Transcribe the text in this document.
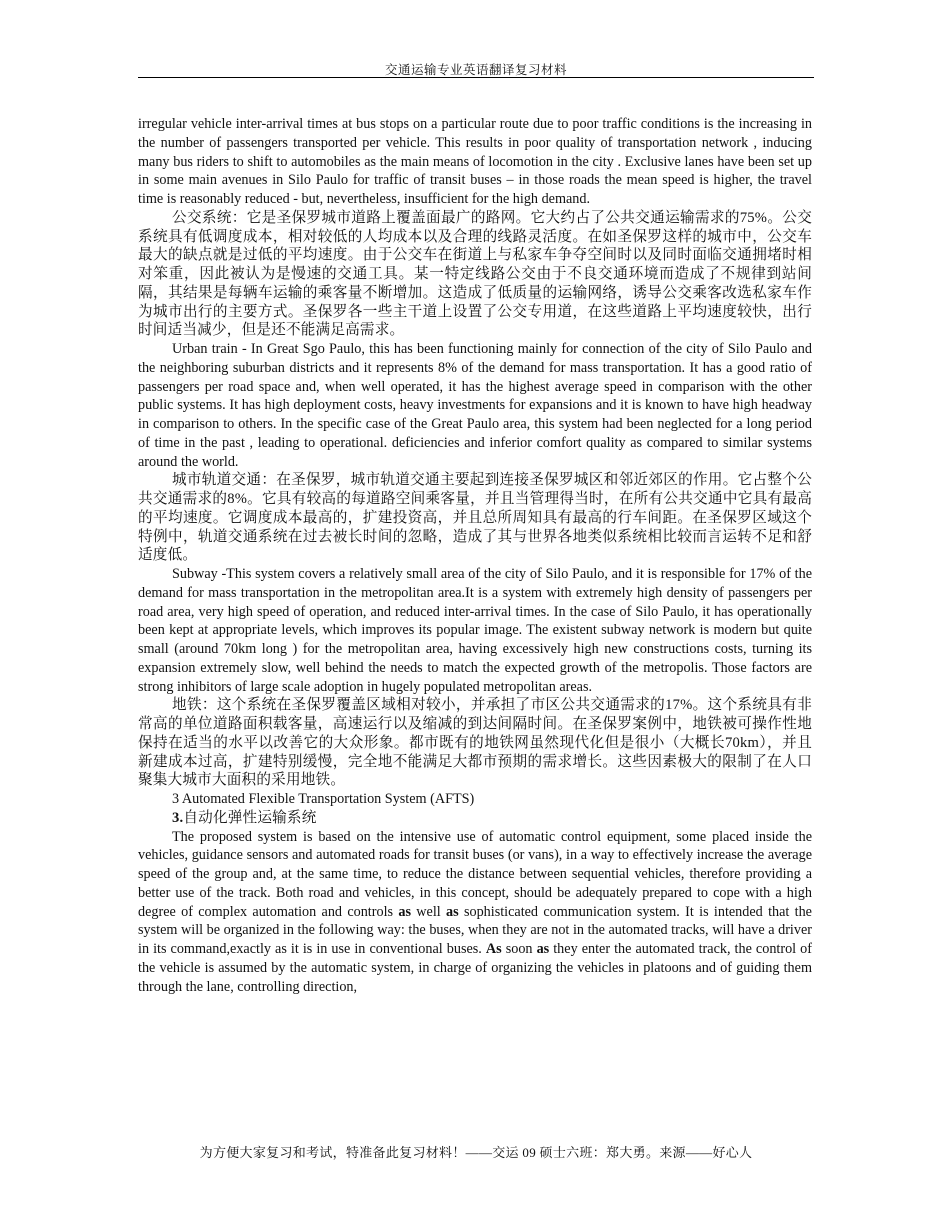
交通运输专业英语翻译复习材料

irregular vehicle inter-arrival times at bus stops on a particular route due to poor traffic conditions is the increasing in the number of passengers transported per vehicle. This results in poor quality of transportation network , inducing many bus riders to shift to automobiles as the main means of locomotion in the city . Exclusive lanes have been set up in some main avenues in Silo Paulo for traffic of transit buses – in those roads the mean speed is higher, the travel time is reasonably reduced - but, nevertheless, insufficient for the high demand.

公交系统：它是圣保罗城市道路上覆盖面最广的路网。它大约占了公共交通运输需求的75%。公交系统具有低调度成本，相对较低的人均成本以及合理的线路灵活度。在如圣保罗这样的城市中，公交车最大的缺点就是过低的平均速度。由于公交车在街道上与私家车争夺空间时以及同时面临交通拥堵时相对笨重，因此被认为是慢速的交通工具。某一特定线路公交由于不良交通环境而造成了不规律到站间隔，其结果是每辆车运输的乘客量不断增加。这造成了低质量的运输网络，诱导公交乘客改选私家车作为城市出行的主要方式。圣保罗各一些主干道上设置了公交专用道，在这些道路上平均速度较快，出行时间适当减少，但是还不能满足高需求。

Urban train - In Great Sgo Paulo, this has been functioning mainly for connection of the city of Silo Paulo and the neighboring suburban districts and it represents 8% of the demand for mass transportation. It has a good ratio of passengers per road space and, when well operated, it has the highest average speed in comparison with the other public systems. It has high deployment costs, heavy investments for expansions and it is known to have high headway in comparison to others. In the specific case of the Great Paulo area, this system had been neglected for a long period of time in the past , leading to operational. deficiencies and inferior comfort quality as compared to similar systems around the world.

城市轨道交通：在圣保罗，城市轨道交通主要起到连接圣保罗城区和邻近郊区的作用。它占整个公共交通需求的8%。它具有较高的每道路空间乘客量，并且当管理得当时，在所有公共交通中它具有最高的平均速度。它调度成本最高的，扩建投资高，并且总所周知具有最高的行车间距。在圣保罗区域这个特例中，轨道交通系统在过去被长时间的忽略，造成了其与世界各地类似系统相比较而言运转不足和舒适度低。

Subway -This system covers a relatively small area of the city of Silo Paulo, and it is responsible for 17% of the demand for mass transportation in the metropolitan area.It is a system with extremely high density of passengers per road area, very high speed of operation, and reduced inter-arrival times. In the case of Silo Paulo, it has operationally been kept at appropriate levels, which improves its popular image. The existent subway network is modern but quite small (around 70km long ) for the metropolitan area, having excessively high new constructions costs, turning its expansion extremely slow, well behind the needs to match the expected growth of the metropolis. Those factors are strong inhibitors of large scale adoption in hugely populated metropolitan areas.

地铁：这个系统在圣保罗覆盖区域相对较小，并承担了市区公共交通需求的17%。这个系统具有非常高的单位道路面积载客量，高速运行以及缩减的到达间隔时间。在圣保罗案例中，地铁被可操作性地保持在适当的水平以改善它的大众形象。都市既有的地铁网虽然现代化但是很小（大概长70km），并且新建成本过高，扩建特别缓慢，完全地不能满足大都市预期的需求增长。这些因素极大的限制了在人口聚集大城市大面积的采用地铁。

3 Automated Flexible Transportation System (AFTS)

3.自动化弹性运输系统

The proposed system is based on the intensive use of automatic control equipment, some placed inside the vehicles, guidance sensors and automated roads for transit buses (or vans), in a way to effectively increase the average speed of the group and, at the same time, to reduce the distance between sequential vehicles, therefore providing a better use of the track. Both road and vehicles, in this concept, should be adequately prepared to cope with a high degree of complex automation and controls as well as sophisticated communication system. It is intended that the system will be organized in the following way: the buses, when they are not in the automated tracks, will have a driver in its command,exactly as it is in use in conventional buses. As soon as they enter the automated track, the control of the vehicle is assumed by the automatic system, in charge of organizing the vehicles in platoons and of guiding them through the lane, controlling direction,

为方便大家复习和考试，特准备此复习材料！——交运 09 硕士六班：郑大勇。来源——好心人
